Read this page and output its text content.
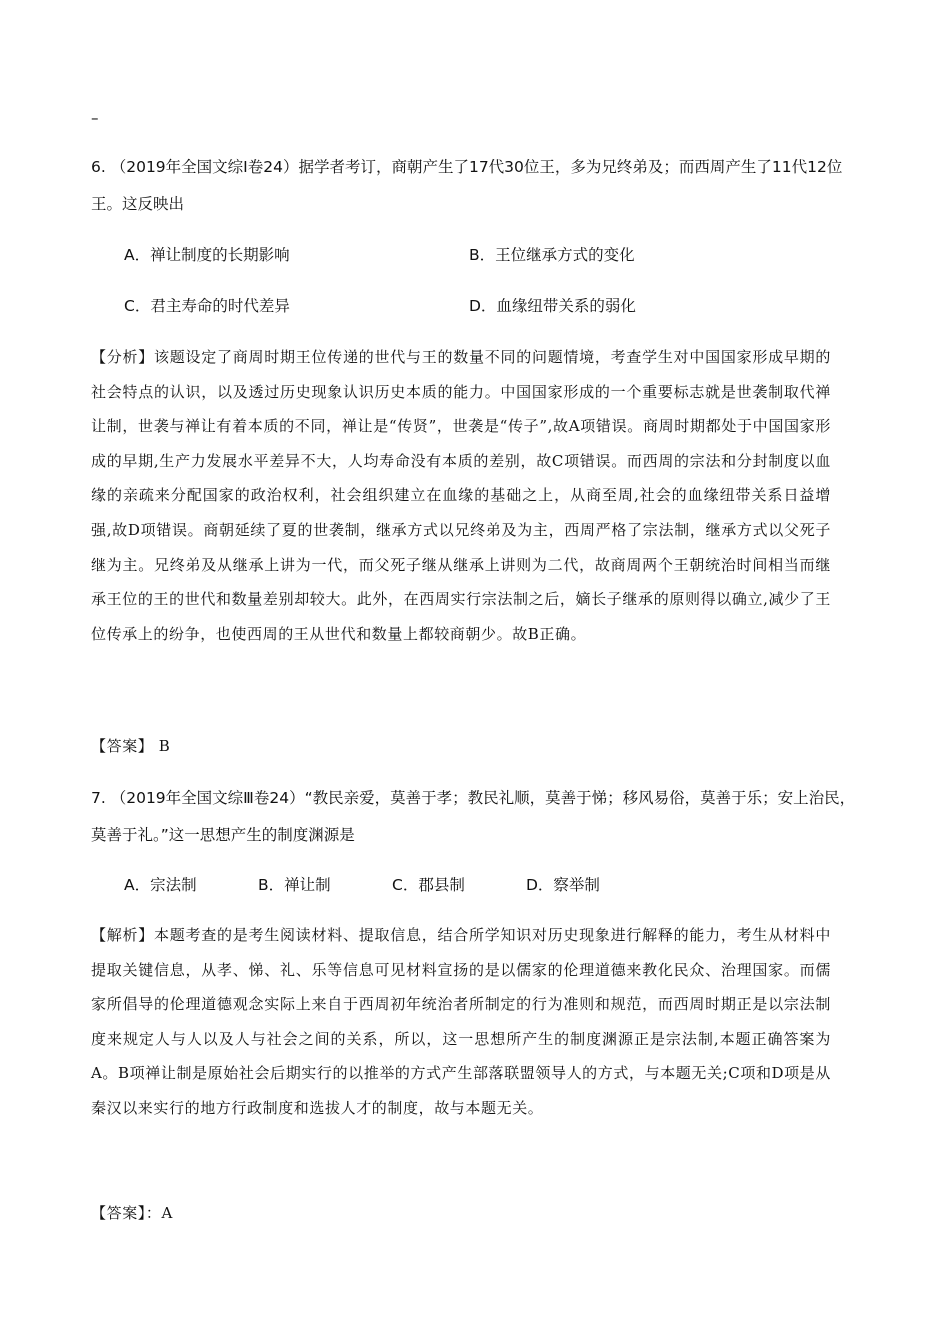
–

6. （2019年全国文综Ⅰ卷24）据学者考订，商朝产生了17代30位王，多为兄终弟及；而西周产生了11代12位王。这反映出

A．禅让制度的长期影响	B．王位继承方式的变化
C．君主寿命的时代差异	D．血缘纽带关系的弱化

【分析】该题设定了商周时期王位传递的世代与王的数量不同的问题情境，考查学生对中国国家形成早期的社会特点的认识，以及透过历史现象认识历史本质的能力。中国国家形成的一个重要标志就是世袭制取代禅让制，世袭与禅让有着本质的不同，禅让是“传贤”，世袭是“传子”,故A项错误。商周时期都处于中国国家形成的早期,生产力发展水平差异不大，人均寿命没有本质的差别，故C项错误。而西周的宗法和分封制度以血缘的亲疏来分配国家的政治权利，社会组织建立在血缘的基础之上，从商至周,社会的血缘纽带关系日益增强,故D项错误。商朝延续了夏的世袭制，继承方式以兄终弟及为主，西周严格了宗法制，继承方式以父死子继为主。兄终弟及从继承上讲为一代，而父死子继从继承上讲则为二代，故商周两个王朝统治时间相当而继承王位的王的世代和数量差别却较大。此外，在西周实行宗法制之后，嫡长子继承的原则得以确立,减少了王位传承上的纷争，也使西周的王从世代和数量上都较商朝少。故B正确。

【答案】 B

7. （2019年全国文综Ⅲ卷24）“教民亲爱，莫善于孝；教民礼顺，莫善于悌；移风易俗，莫善于乐；安上治民，莫善于礼。”这一思想产生的制度渊源是

A．宗法制	B．禅让制	C．郡县制	D．察举制

【解析】本题考查的是考生阅读材料、提取信息，结合所学知识对历史现象进行解释的能力，考生从材料中提取关键信息，从孝、悌、礼、乐等信息可见材料宣扬的是以儒家的伦理道德来教化民众、治理国家。而儒家所倡导的伦理道德观念实际上来自于西周初年统治者所制定的行为准则和规范，而西周时期正是以宗法制度来规定人与人以及人与社会之间的关系，所以，这一思想所产生的制度渊源正是宗法制,本题正确答案为A。B项禅让制是原始社会后期实行的以推举的方式产生部落联盟领导人的方式，与本题无关;C项和D项是从秦汉以来实行的地方行政制度和选拔人才的制度，故与本题无关。

【答案】：A
